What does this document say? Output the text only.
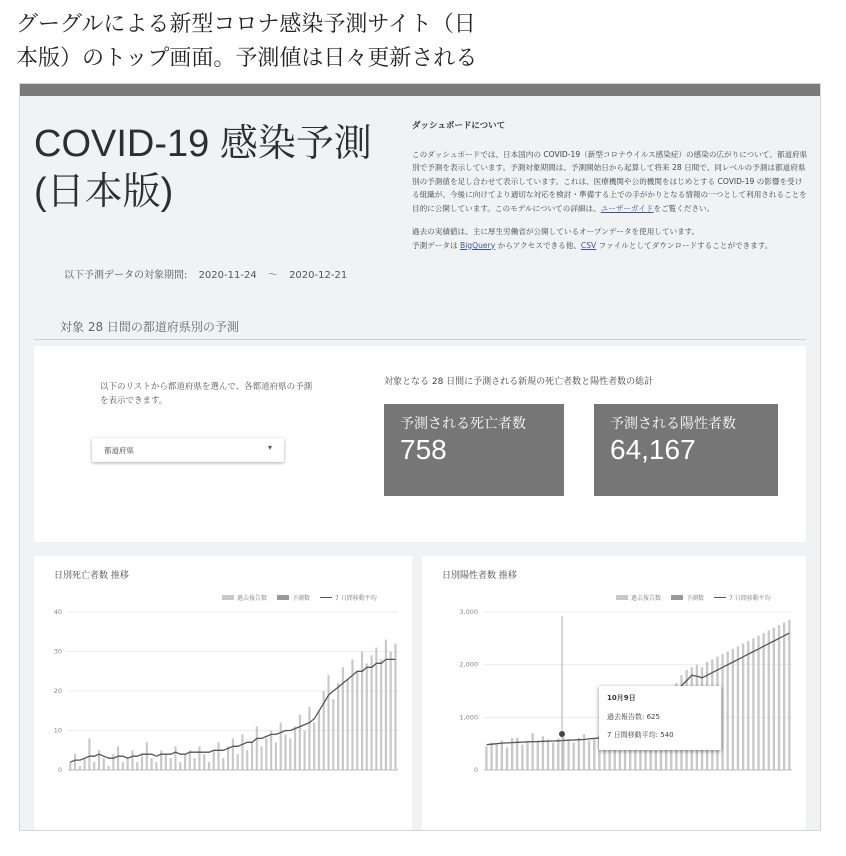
グーグルによる新型コロナ感染予測サイト（日
本版）のトップ画面。予測値は日々更新される
COVID-19 感染予測
(日本版)
以下予測データの対象期間: 2020-11-24 〜 2020-12-21
ダッシュボードについて

このダッシュボードでは、日本国内の COVID-19（新型コロナウイルス感染症）の感染の広がりについて、都道府県別で予測を表示しています。予測対象期間は、予測開始日から起算して将来 28 日間で、同レベルの予測は都道府県別の予測値を足し合わせて表示しています。これは、医療機関や公的機関をはじめとする COVID-19 の影響を受ける組織が、今後に向けてより適切な対応を検討・準備する上での手がかりとなる情報の一つとして利用されることを目的に公開しています。このモデルについての詳細は、ユーザーガイドをご覧ください。

過去の実績値は、主に厚生労働省が公開しているオープンデータを使用しています。
予測データは BigQuery からアクセスできる他、CSV ファイルとしてダウンロードすることができます。

対象 28 日間の都道府県別の予測
以下のリストから都道府県を選んで、各都道府県の予測を表示できます。
都道府県	▾
対象となる 28 日間に予測される新規の死亡者数と陽性者数の総計
予測される死亡者数
758
予測される陽性者数
64,167
日別死亡者数 推移
過去報告数	予測数	7 日間移動平均
40
30
20
10
0
日別陽性者数 推移
過去報告数	予測数	7 日間移動平均
3,000
2,000
1,000
0
10月9日
過去報告数: 625
7 日間移動平均: 540
